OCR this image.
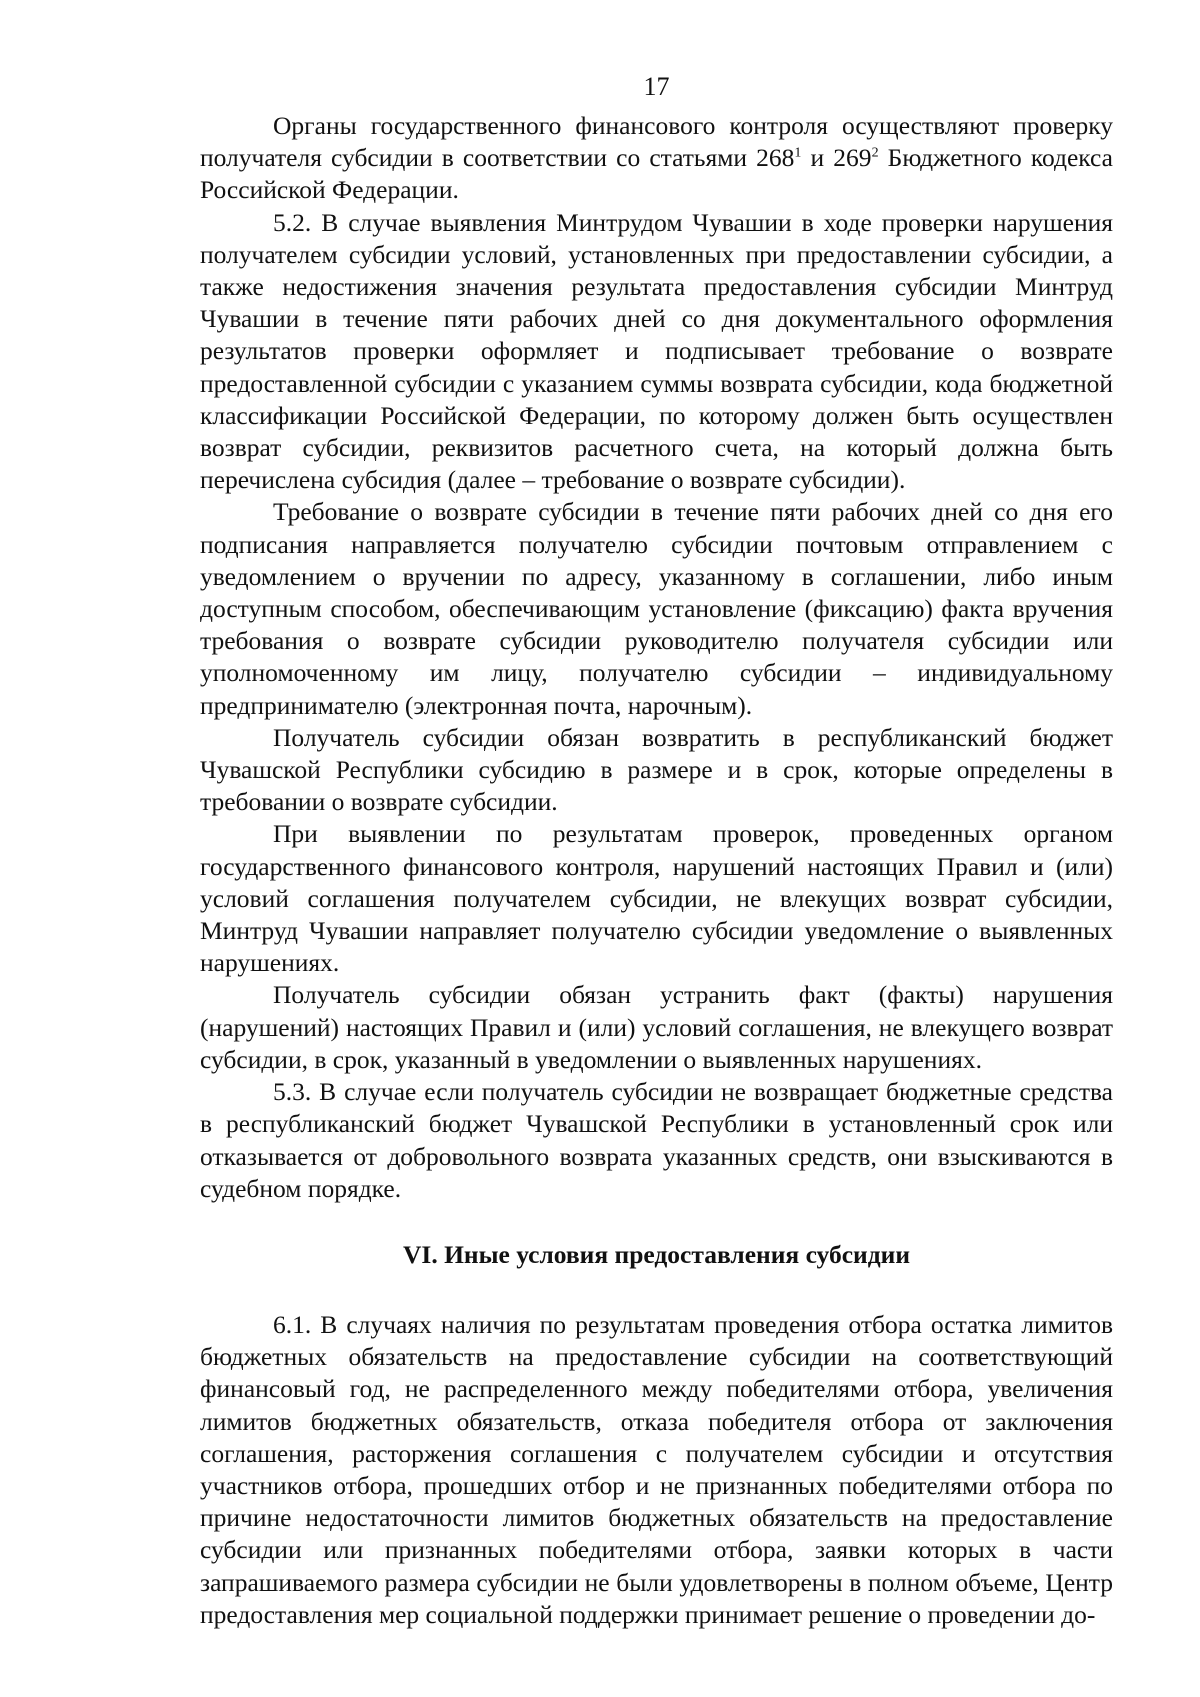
17

Органы государственного финансового контроля осуществляют проверку получателя субсидии в соответствии со статьями $268^1$ и $269^2$ Бюджетного кодекса Российской Федерации.

5.2. В случае выявления Минтрудом Чувашии в ходе проверки нарушения получателем субсидии условий, установленных при предоставлении субсидии, а также недостижения значения результата предоставления субсидии Минтруд Чувашии в течение пяти рабочих дней со дня документального оформления результатов проверки оформляет и подписывает требование о возврате предоставленной субсидии с указанием суммы возврата субсидии, кода бюджетной классификации Российской Федерации, по которому должен быть осуществлен возврат субсидии, реквизитов расчетного счета, на который должна быть перечислена субсидия (далее – требование о возврате субсидии).

Требование о возврате субсидии в течение пяти рабочих дней со дня его подписания направляется получателю субсидии почтовым отправлением с уведомлением о вручении по адресу, указанному в соглашении, либо иным доступным способом, обеспечивающим установление (фиксацию) факта вручения требования о возврате субсидии руководителю получателя субсидии или уполномоченному им лицу, получателю субсидии – индивидуальному предпринимателю (электронная почта, нарочным).

Получатель субсидии обязан возвратить в республиканский бюджет Чувашской Республики субсидию в размере и в срок, которые определены в требовании о возврате субсидии.

При выявлении по результатам проверок, проведенных органом государственного финансового контроля, нарушений настоящих Правил и (или) условий соглашения получателем субсидии, не влекущих возврат субсидии, Минтруд Чувашии направляет получателю субсидии уведомление о выявленных нарушениях.

Получатель субсидии обязан устранить факт (факты) нарушения (нарушений) настоящих Правил и (или) условий соглашения, не влекущего возврат субсидии, в срок, указанный в уведомлении о выявленных нарушениях.

5.3. В случае если получатель субсидии не возвращает бюджетные средства в республиканский бюджет Чувашской Республики в установленный срок или отказывается от добровольного возврата указанных средств, они взыскиваются в судебном порядке.

VI. Иные условия предоставления субсидии

6.1. В случаях наличия по результатам проведения отбора остатка лимитов бюджетных обязательств на предоставление субсидии на соответствующий финансовый год, не распределенного между победителями отбора, увеличения лимитов бюджетных обязательств, отказа победителя отбора от заключения соглашения, расторжения соглашения с получателем субсидии и отсутствия участников отбора, прошедших отбор и не признанных победителями отбора по причине недостаточности лимитов бюджетных обязательств на предоставление субсидии или признанных победителями отбора, заявки которых в части запрашиваемого размера субсидии не были удовлетворены в полном объеме, Центр предоставления мер социальной поддержки принимает решение о проведении до-
